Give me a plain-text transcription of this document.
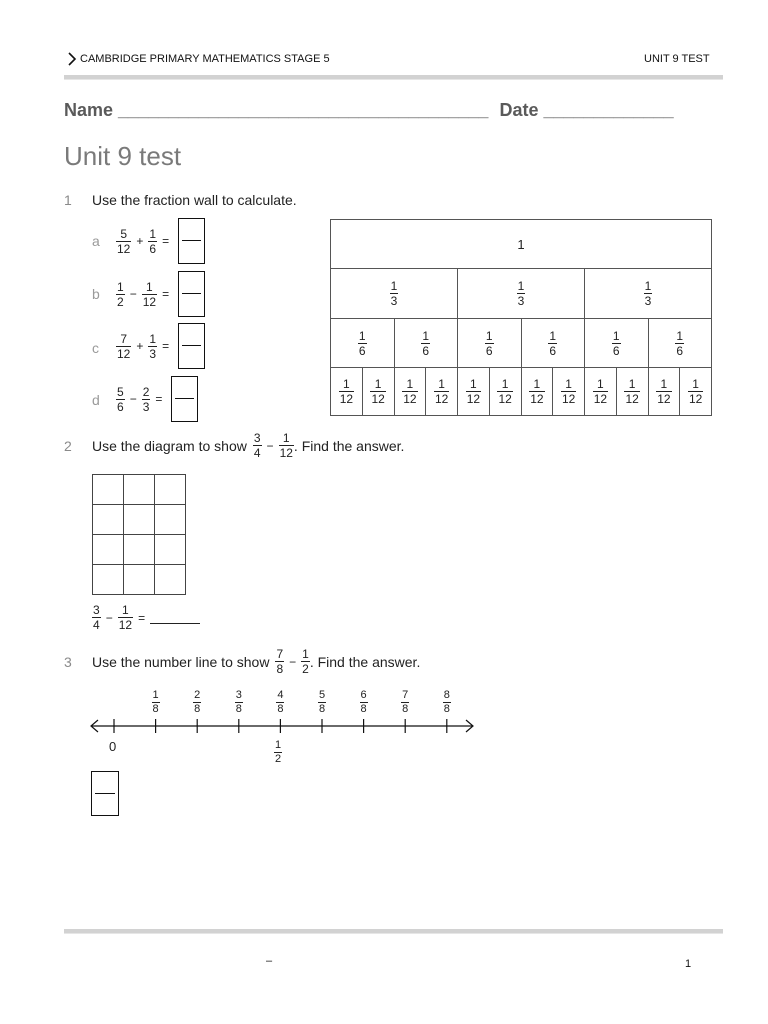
CAMBRIDGE PRIMARY MATHEMATICS STAGE 5	UNIT 9 TEST
Name _____________________________________ Date _____________
Unit 9 test
1 Use the fraction wall to calculate.
a $\frac{5}{12} + \frac{1}{6}$ =
b $\frac{1}{2} - \frac{1}{12}$ =
c $\frac{7}{12} + \frac{1}{3}$ =
d $\frac{5}{6} - \frac{2}{3}$ =
1											

$\frac{1}{3}$				$\frac{1}{3}$				$\frac{1}{3}$

$\frac{1}{6}$		$\frac{1}{6}$		$\frac{1}{6}$		$\frac{1}{6}$		$\frac{1}{6}$		$\frac{1}{6}$

$\frac{1}{12}$	$\frac{1}{12}$	$\frac{1}{12}$	$\frac{1}{12}$	$\frac{1}{12}$	$\frac{1}{12}$	$\frac{1}{12}$	$\frac{1}{12}$	$\frac{1}{12}$	$\frac{1}{12}$	$\frac{1}{12}$	$\frac{1}{12}$
2 Use the diagram to show $\frac{3}{4} - \frac{1}{12}$ . Find the answer.

$\frac{3}{4} - \frac{1}{12}$ =
3 Use the number line to show $\frac{7}{8} - \frac{1}{2}$ . Find the answer.
$\frac{1}{8}$	$\frac{2}{8}$	$\frac{3}{8}$	$\frac{4}{8}$	$\frac{5}{8}$	$\frac{6}{8}$	$\frac{7}{8}$	$\frac{8}{8}$
0	$\frac{1}{2}$
–	1
